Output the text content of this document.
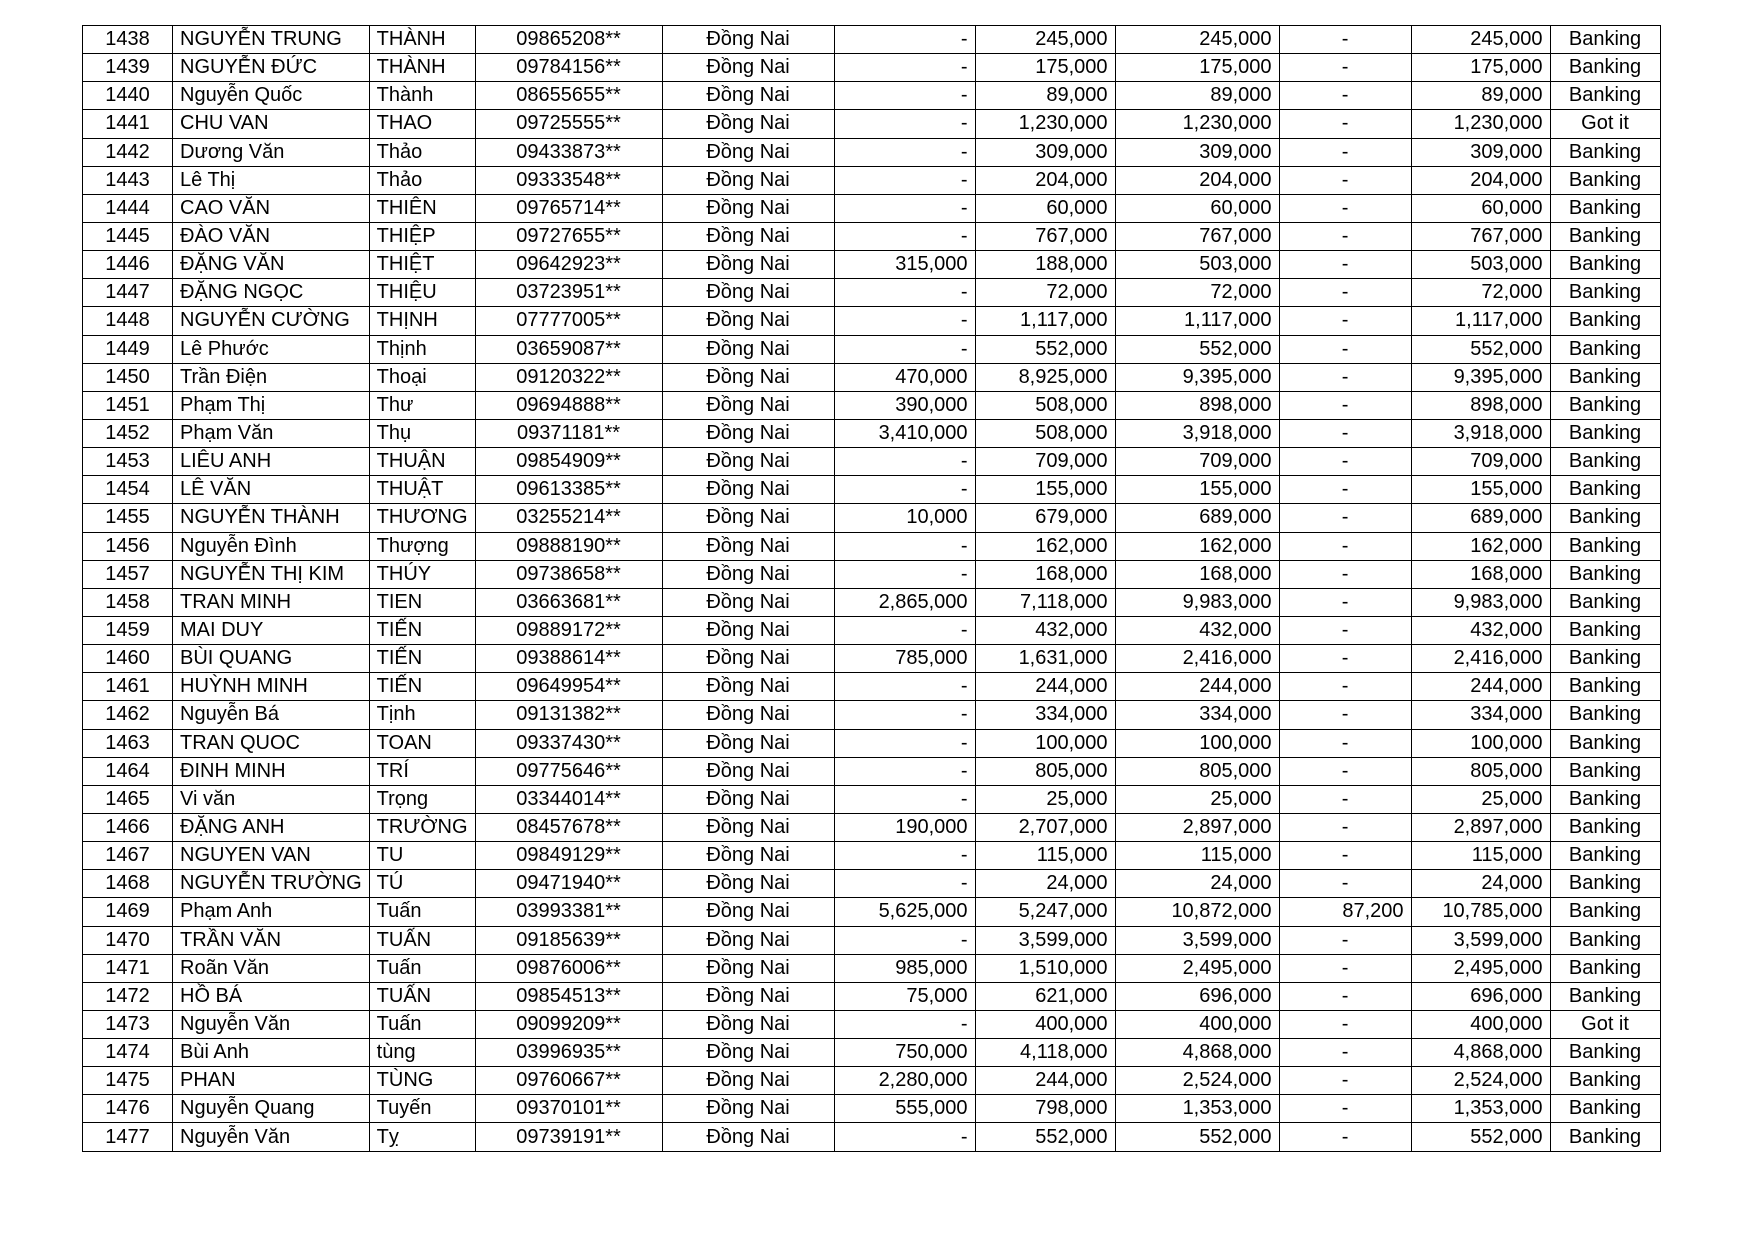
1438	NGUYỄN TRUNG	THÀNH	09865208**	Đồng Nai	-	245,000	245,000	-	245,000	Banking
1439	NGUYỄN ĐỨC	THÀNH	09784156**	Đồng Nai	-	175,000	175,000	-	175,000	Banking
1440	Nguyễn Quốc	Thành	08655655**	Đồng Nai	-	89,000	89,000	-	89,000	Banking
1441	CHU VAN	THAO	09725555**	Đồng Nai	-	1,230,000	1,230,000	-	1,230,000	Got it
1442	Dương Văn	Thảo	09433873**	Đồng Nai	-	309,000	309,000	-	309,000	Banking
1443	Lê Thị	Thảo	09333548**	Đồng Nai	-	204,000	204,000	-	204,000	Banking
1444	CAO VĂN	THIÊN	09765714**	Đồng Nai	-	60,000	60,000	-	60,000	Banking
1445	ĐÀO VĂN	THIỆP	09727655**	Đồng Nai	-	767,000	767,000	-	767,000	Banking
1446	ĐẶNG VĂN	THIỆT	09642923**	Đồng Nai	315,000	188,000	503,000	-	503,000	Banking
1447	ĐẶNG NGỌC	THIỆU	03723951**	Đồng Nai	-	72,000	72,000	-	72,000	Banking
1448	NGUYỄN CƯỜNG	THỊNH	07777005**	Đồng Nai	-	1,117,000	1,117,000	-	1,117,000	Banking
1449	Lê Phước	Thịnh	03659087**	Đồng Nai	-	552,000	552,000	-	552,000	Banking
1450	Trần Điện	Thoại	09120322**	Đồng Nai	470,000	8,925,000	9,395,000	-	9,395,000	Banking
1451	Phạm Thị	Thư	09694888**	Đồng Nai	390,000	508,000	898,000	-	898,000	Banking
1452	Phạm Văn	Thụ	09371181**	Đồng Nai	3,410,000	508,000	3,918,000	-	3,918,000	Banking
1453	LIÊU ANH	THUẬN	09854909**	Đồng Nai	-	709,000	709,000	-	709,000	Banking
1454	LÊ VĂN	THUẬT	09613385**	Đồng Nai	-	155,000	155,000	-	155,000	Banking
1455	NGUYỄN THÀNH	THƯƠNG	03255214**	Đồng Nai	10,000	679,000	689,000	-	689,000	Banking
1456	Nguyễn Đình	Thượng	09888190**	Đồng Nai	-	162,000	162,000	-	162,000	Banking
1457	NGUYỄN THỊ KIM	THÚY	09738658**	Đồng Nai	-	168,000	168,000	-	168,000	Banking
1458	TRAN MINH	TIEN	03663681**	Đồng Nai	2,865,000	7,118,000	9,983,000	-	9,983,000	Banking
1459	MAI DUY	TIẾN	09889172**	Đồng Nai	-	432,000	432,000	-	432,000	Banking
1460	BÙI QUANG	TIẾN	09388614**	Đồng Nai	785,000	1,631,000	2,416,000	-	2,416,000	Banking
1461	HUỲNH MINH	TIẾN	09649954**	Đồng Nai	-	244,000	244,000	-	244,000	Banking
1462	Nguyễn Bá	Tịnh	09131382**	Đồng Nai	-	334,000	334,000	-	334,000	Banking
1463	TRAN QUOC	TOAN	09337430**	Đồng Nai	-	100,000	100,000	-	100,000	Banking
1464	ĐINH MINH	TRÍ	09775646**	Đồng Nai	-	805,000	805,000	-	805,000	Banking
1465	Vi văn	Trọng	03344014**	Đồng Nai	-	25,000	25,000	-	25,000	Banking
1466	ĐẶNG ANH	TRƯỜNG	08457678**	Đồng Nai	190,000	2,707,000	2,897,000	-	2,897,000	Banking
1467	NGUYEN VAN	TU	09849129**	Đồng Nai	-	115,000	115,000	-	115,000	Banking
1468	NGUYỄN TRƯỜNG	TÚ	09471940**	Đồng Nai	-	24,000	24,000	-	24,000	Banking
1469	Phạm Anh	Tuấn	03993381**	Đồng Nai	5,625,000	5,247,000	10,872,000	87,200	10,785,000	Banking
1470	TRẦN VĂN	TUẤN	09185639**	Đồng Nai	-	3,599,000	3,599,000	-	3,599,000	Banking
1471	Roãn Văn	Tuấn	09876006**	Đồng Nai	985,000	1,510,000	2,495,000	-	2,495,000	Banking
1472	HỒ BÁ	TUẤN	09854513**	Đồng Nai	75,000	621,000	696,000	-	696,000	Banking
1473	Nguyễn Văn	Tuấn	09099209**	Đồng Nai	-	400,000	400,000	-	400,000	Got it
1474	Bùi Anh	tùng	03996935**	Đồng Nai	750,000	4,118,000	4,868,000	-	4,868,000	Banking
1475	PHAN	TÙNG	09760667**	Đồng Nai	2,280,000	244,000	2,524,000	-	2,524,000	Banking
1476	Nguyễn Quang	Tuyến	09370101**	Đồng Nai	555,000	798,000	1,353,000	-	1,353,000	Banking
1477	Nguyễn Văn	Tỵ	09739191**	Đồng Nai	-	552,000	552,000	-	552,000	Banking
